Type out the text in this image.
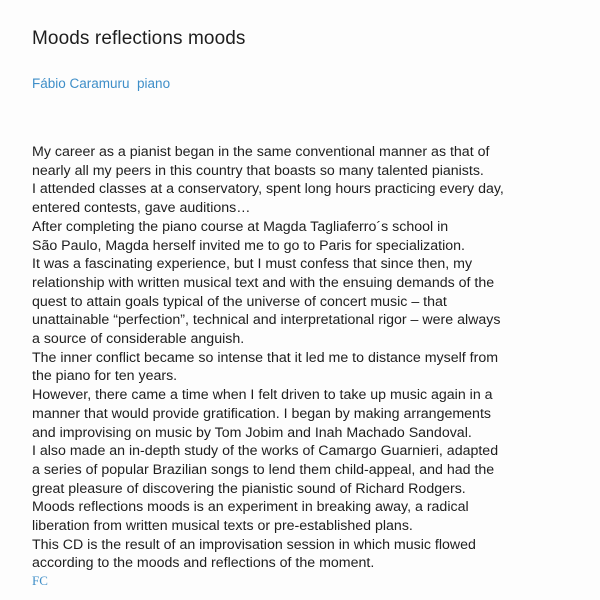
Moods reflections moods

Fábio Caramuru  piano

My career as a pianist began in the same conventional manner as that of
nearly all my peers in this country that boasts so many talented pianists.
I attended classes at a conservatory, spent long hours practicing every day,
entered contests, gave auditions…
After completing the piano course at Magda Tagliaferro´s school in
São Paulo, Magda herself invited me to go to Paris for specialization.
It was a fascinating experience, but I must confess that since then, my
relationship with written musical text and with the ensuing demands of the
quest to attain goals typical of the universe of concert music – that
unattainable “perfection”, technical and interpretational rigor – were always
a source of considerable anguish.
The inner conflict became so intense that it led me to distance myself from
the piano for ten years.
However, there came a time when I felt driven to take up music again in a
manner that would provide gratification. I began by making arrangements
and improvising on music by Tom Jobim and Inah Machado Sandoval.
I also made an in-depth study of the works of Camargo Guarnieri, adapted
a series of popular Brazilian songs to lend them child-appeal, and had the
great pleasure of discovering the pianistic sound of Richard Rodgers.
Moods reflections moods is an experiment in breaking away, a radical
liberation from written musical texts or pre-established plans.
This CD is the result of an improvisation session in which music flowed
according to the moods and reflections of the moment.

FC
